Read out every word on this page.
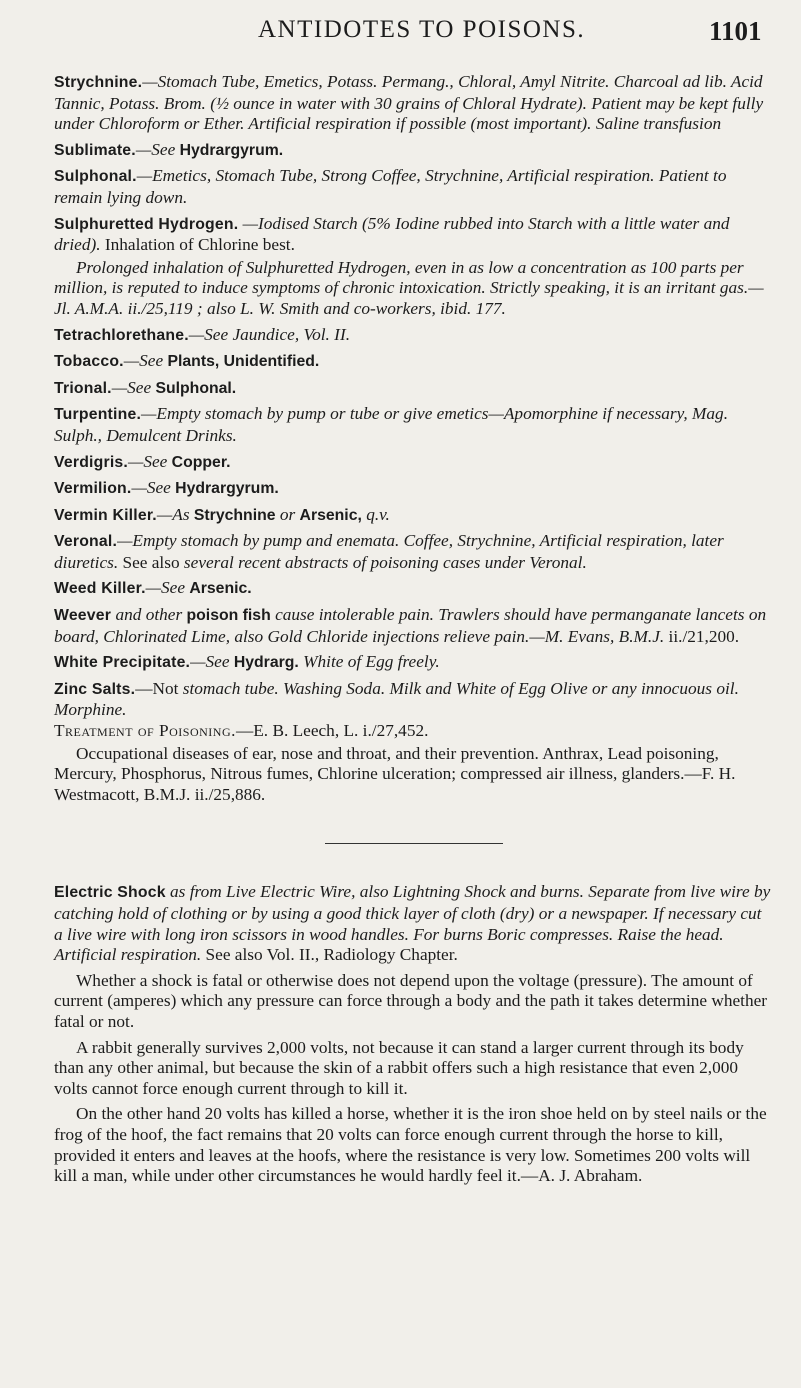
ANTIDOTES TO POISONS.	1101

Strychnine.—Stomach Tube, Emetics, Potass. Permang., Chloral, Amyl Nitrite. Charcoal ad lib. Acid Tannic, Potass. Brom. (½ ounce in water with 30 grains of Chloral Hydrate). Patient may be kept fully under Chloroform or Ether. Artificial respiration if possible (most important). Saline transfusion

Sublimate.—See Hydrargyrum.

Sulphonal.—Emetics, Stomach Tube, Strong Coffee, Strychnine, Artificial respiration. Patient to remain lying down.

Sulphuretted Hydrogen. —Iodised Starch (5% Iodine rubbed into Starch with a little water and dried). Inhalation of Chlorine best.

Prolonged inhalation of Sulphuretted Hydrogen, even in as low a concentration as 100 parts per million, is reputed to induce symptoms of chronic intoxication. Strictly speaking, it is an irritant gas.—Jl. A.M.A. ii./25,119 ; also L. W. Smith and co-workers, ibid. 177.

Tetrachlorethane.—See Jaundice, Vol. II.

Tobacco.—See Plants, Unidentified.

Trional.—See Sulphonal.

Turpentine.—Empty stomach by pump or tube or give emetics—Apomorphine if necessary, Mag. Sulph., Demulcent Drinks.

Verdigris.—See Copper.

Vermilion.—See Hydrargyrum.

Vermin Killer.—As Strychnine or Arsenic, q.v.

Veronal.—Empty stomach by pump and enemata. Coffee, Strychnine, Artificial respiration, later diuretics. See also several recent abstracts of poisoning cases under Veronal.

Weed Killer.—See Arsenic.

Weever and other poison fish cause intolerable pain. Trawlers should have permanganate lancets on board, Chlorinated Lime, also Gold Chloride injections relieve pain.—M. Evans, B.M.J. ii./21,200.

White Precipitate.—See Hydrarg. White of Egg freely.

Zinc Salts.—Not stomach tube. Washing Soda. Milk and White of Egg Olive or any innocuous oil. Morphine.

Treatment of Poisoning.—E. B. Leech, L. i./27,452.

Occupational diseases of ear, nose and throat, and their prevention. Anthrax, Lead poisoning, Mercury, Phosphorus, Nitrous fumes, Chlorine ulceration; compressed air illness, glanders.—F. H. Westmacott, B.M.J. ii./25,886.

Electric Shock as from Live Electric Wire, also Lightning Shock and burns. Separate from live wire by catching hold of clothing or by using a good thick layer of cloth (dry) or a newspaper. If necessary cut a live wire with long iron scissors in wood handles. For burns Boric compresses. Raise the head. Artificial respiration. See also Vol. II., Radiology Chapter.

Whether a shock is fatal or otherwise does not depend upon the voltage (pressure). The amount of current (amperes) which any pressure can force through a body and the path it takes determine whether fatal or not.

A rabbit generally survives 2,000 volts, not because it can stand a larger current through its body than any other animal, but because the skin of a rabbit offers such a high resistance that even 2,000 volts cannot force enough current through to kill it.

On the other hand 20 volts has killed a horse, whether it is the iron shoe held on by steel nails or the frog of the hoof, the fact remains that 20 volts can force enough current through the horse to kill, provided it enters and leaves at the hoofs, where the resistance is very low. Sometimes 200 volts will kill a man, while under other circumstances he would hardly feel it.—A. J. Abraham.
